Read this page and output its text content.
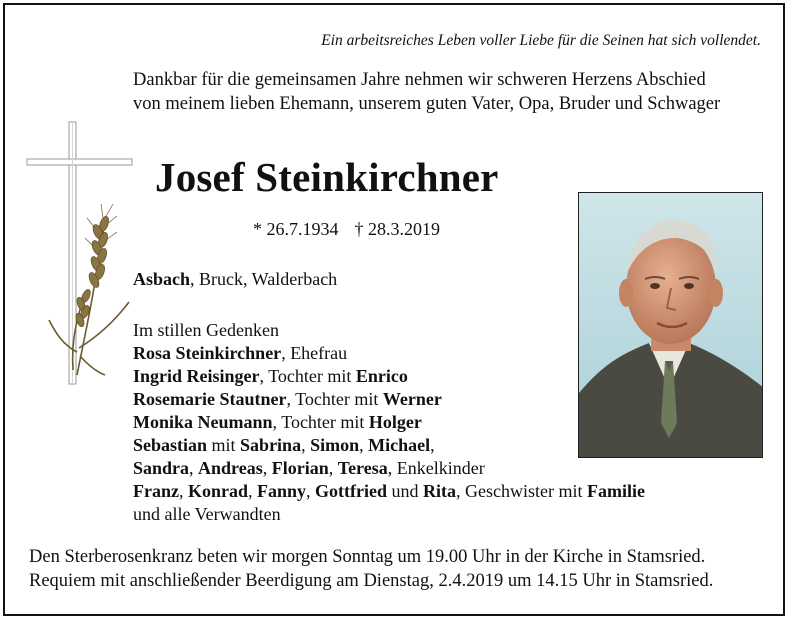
Ein arbeitsreiches Leben voller Liebe für die Seinen hat sich vollendet.
Dankbar für die gemeinsamen Jahre nehmen wir schweren Herzens Abschied
von meinem lieben Ehemann, unserem guten Vater, Opa, Bruder und Schwager
Josef Steinkirchner
* 26.7.1934 † 28.3.2019
Asbach, Bruck, Walderbach
Im stillen Gedenken
Rosa Steinkirchner, Ehefrau
Ingrid Reisinger, Tochter mit Enrico
Rosemarie Stautner, Tochter mit Werner
Monika Neumann, Tochter mit Holger
Sebastian mit Sabrina, Simon, Michael,
Sandra, Andreas, Florian, Teresa, Enkelkinder
Franz, Konrad, Fanny, Gottfried und Rita, Geschwister mit Familie
und alle Verwandten
Den Sterberosenkranz beten wir morgen Sonntag um 19.00 Uhr in der Kirche in Stamsried.
Requiem mit anschließender Beerdigung am Dienstag, 2.4.2019 um 14.15 Uhr in Stamsried.
